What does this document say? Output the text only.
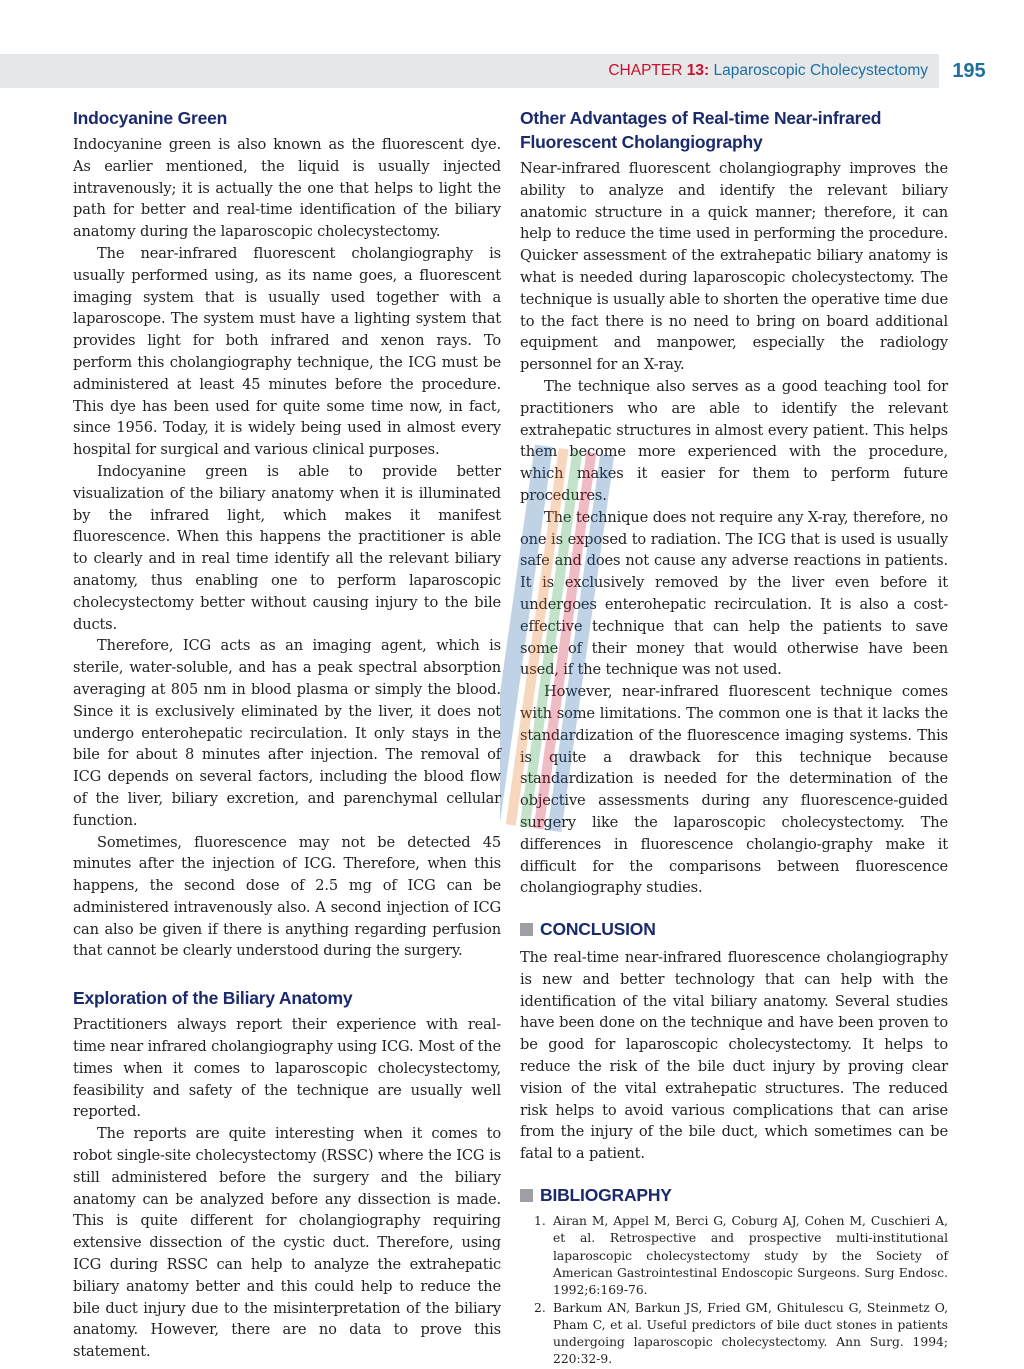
CHAPTER 13: Laparoscopic Cholecystectomy	195
Indocyanine Green

Indocyanine green is also known as the fluorescent dye. As earlier mentioned, the liquid is usually injected intravenously; it is actually the one that helps to light the path for better and real-time identification of the biliary anatomy during the laparoscopic cholecystectomy.

The near-infrared fluorescent cholangiography is usually performed using, as its name goes, a fluorescent imaging system that is usually used together with a laparoscope. The system must have a lighting system that provides light for both infrared and xenon rays. To perform this cholangiography technique, the ICG must be administered at least 45 minutes before the procedure. This dye has been used for quite some time now, in fact, since 1956. Today, it is widely being used in almost every hospital for surgical and various clinical purposes.

Indocyanine green is able to provide better visualization of the biliary anatomy when it is illuminated by the infrared light, which makes it manifest fluorescence. When this happens the practitioner is able to clearly and in real time identify all the relevant biliary anatomy, thus enabling one to perform laparoscopic cholecystectomy better without causing injury to the bile ducts.

Therefore, ICG acts as an imaging agent, which is sterile, water-soluble, and has a peak spectral absorption averaging at 805 nm in blood plasma or simply the blood. Since it is exclusively eliminated by the liver, it does not undergo enterohepatic recirculation. It only stays in the bile for about 8 minutes after injection. The removal of ICG depends on several factors, including the blood flow of the liver, biliary excretion, and parenchymal cellular function.

Sometimes, fluorescence may not be detected 45 minutes after the injection of ICG. Therefore, when this happens, the second dose of 2.5 mg of ICG can be administered intravenously also. A second injection of ICG can also be given if there is anything regarding perfusion that cannot be clearly understood during the surgery.

Exploration of the Biliary Anatomy

Practitioners always report their experience with real-time near infrared cholangiography using ICG. Most of the times when it comes to laparoscopic cholecystectomy, feasibility and safety of the technique are usually well reported.

The reports are quite interesting when it comes to robot single-site cholecystectomy (RSSC) where the ICG is still administered before the surgery and the biliary anatomy can be analyzed before any dissection is made. This is quite different for cholangiography requiring extensive dissection of the cystic duct. Therefore, using ICG during RSSC can help to analyze the extrahepatic biliary anatomy better and this could help to reduce the bile duct injury due to the misinterpretation of the biliary anatomy. However, there are no data to prove this statement.

Other Advantages of Real-time Near-infrared Fluorescent Cholangiography

Near-infrared fluorescent cholangiography improves the ability to analyze and identify the relevant biliary anatomic structure in a quick manner; therefore, it can help to reduce the time used in performing the procedure. Quicker assessment of the extrahepatic biliary anatomy is what is needed during laparoscopic cholecystectomy. The technique is usually able to shorten the operative time due to the fact there is no need to bring on board additional equipment and manpower, especially the radiology personnel for an X-ray.

The technique also serves as a good teaching tool for practitioners who are able to identify the relevant extrahepatic structures in almost every patient. This helps them become more experienced with the procedure, which makes it easier for them to perform future procedures.

The technique does not require any X-ray, therefore, no one is exposed to radiation. The ICG that is used is usually safe and does not cause any adverse reactions in patients. It is exclusively removed by the liver even before it undergoes enterohepatic recirculation. It is also a cost-effective technique that can help the patients to save some of their money that would otherwise have been used, if the technique was not used.

However, near-infrared fluorescent technique comes with some limitations. The common one is that it lacks the standardization of the fluorescence imaging systems. This is quite a drawback for this technique because standardization is needed for the determination of the objective assessments during any fluorescence-guided surgery like the laparoscopic cholecystectomy. The differences in fluorescence cholangio-graphy make it difficult for the comparisons between fluorescence cholangiography studies.

CONCLUSION

The real-time near-infrared fluorescence cholangiography is new and better technology that can help with the identification of the vital biliary anatomy. Several studies have been done on the technique and have been proven to be good for laparoscopic cholecystectomy. It helps to reduce the risk of the bile duct injury by proving clear vision of the vital extrahepatic structures. The reduced risk helps to avoid various complications that can arise from the injury of the bile duct, which sometimes can be fatal to a patient.

BIBLIOGRAPHY
1. Airan M, Appel M, Berci G, Coburg AJ, Cohen M, Cuschieri A, et al. Retrospective and prospective multi-institutional laparoscopic cholecystectomy study by the Society of American Gastrointestinal Endoscopic Surgeons. Surg Endosc. 1992;6:169-76.
2. Barkum AN, Barkun JS, Fried GM, Ghitulescu G, Steinmetz O, Pham C, et al. Useful predictors of bile duct stones in patients undergoing laparoscopic cholecystectomy. Ann Surg. 1994; 220:32-9.
